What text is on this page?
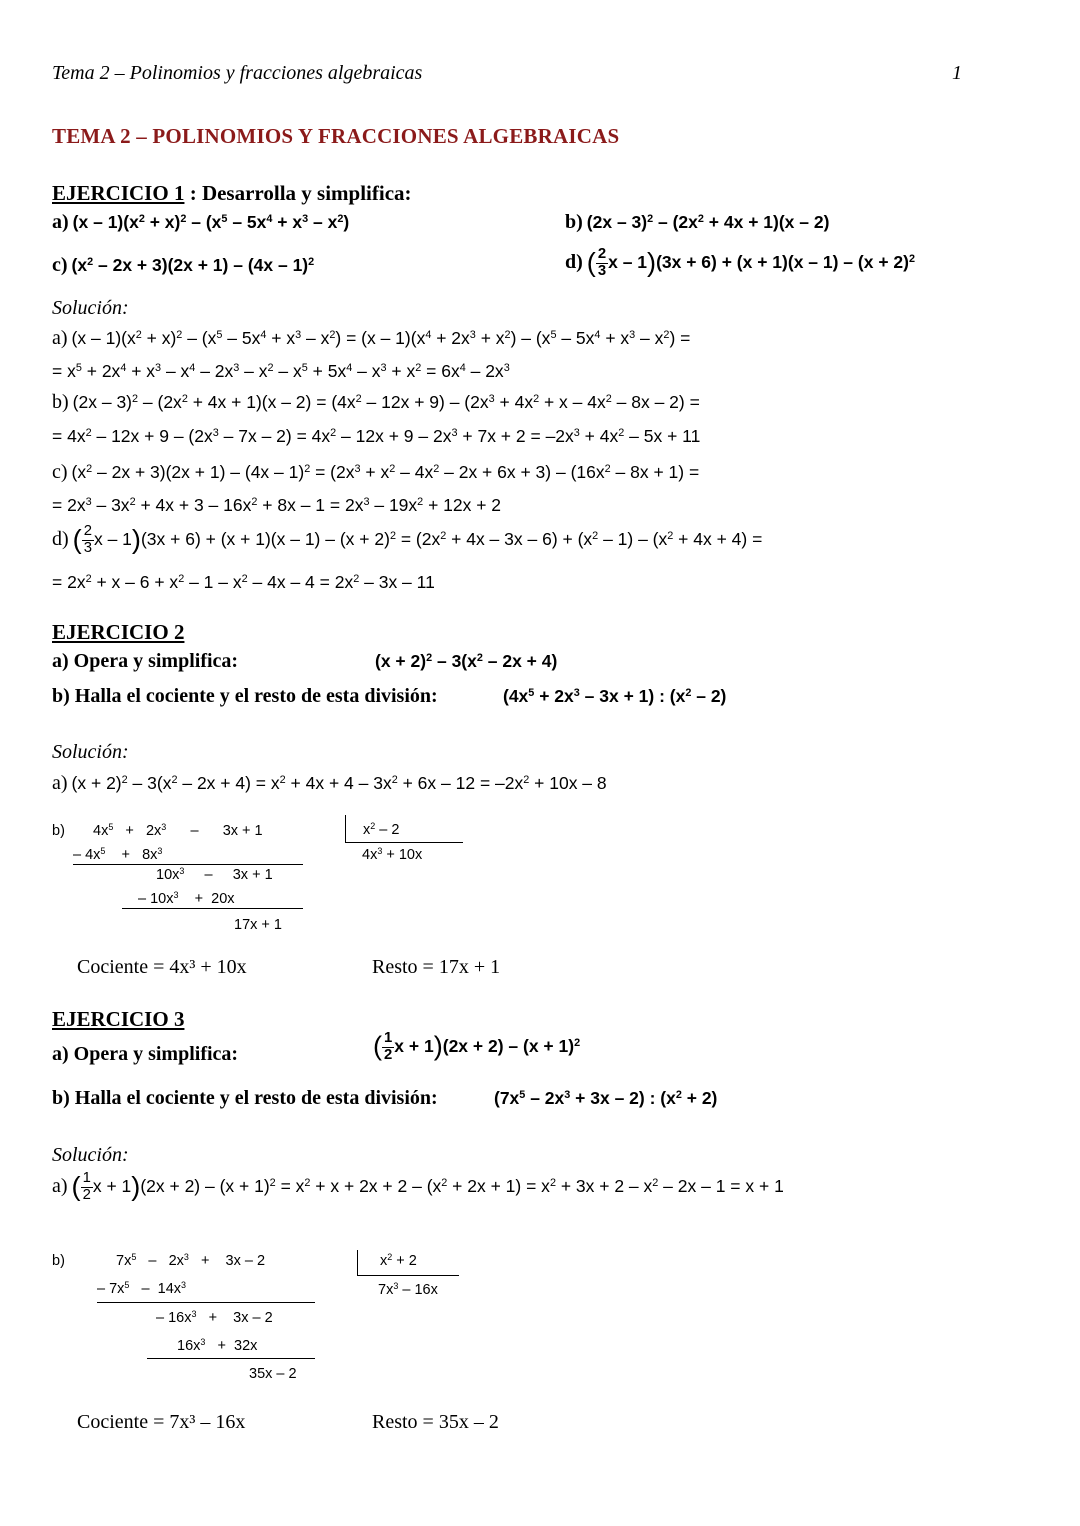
Tema 2 – Polinomios y fracciones algebraicas	1
TEMA 2 – POLINOMIOS Y FRACCIONES ALGEBRAICAS
EJERCICIO 1 : Desarrolla y simplifica:
a) $(x - 1)(x^2 + x)^2 - (x^5 - 5x^4 + x^3 - x^2)$	b) $(2x - 3)^2 - (2x^2 + 4x + 1)(x - 2)$
c) $(x^2 - 2x + 3)(2x + 1) - (4x - 1)^2$	d) ( $\frac{2}{3}$ $x - 1)(3x + 6) + (x + 1)(x - 1) - (x + 2)^2$
Solución:
a) $(x - 1)(x^2 + x)^2 - (x^5 - 5x^4 + x^3 - x^2) = (x - 1)(x^4 + 2x^3 + x^2) - (x^5 - 5x^4 + x^3 - x^2)$ =
= $x^5 + 2x^4 + x^3 - x^4 - 2x^3 - x^2 - x^5 + 5x^4 - x^3 + x^2 = 6x^4 - 2x^3$
b) $(2x - 3)^2 - (2x^2 + 4x + 1)(x - 2) = (4x^2 - 12x + 9) - (2x^3 + 4x^2 + x - 4x^2 - 8x - 2)$ =
= $4x^2 - 12x + 9 - (2x^3 - 7x - 2) = 4x^2 - 12x + 9 - 2x^3 + 7x + 2 = -2x^3 + 4x^2 - 5x + 11$
c) $(x^2 - 2x + 3)(2x + 1) - (4x - 1)^2 = (2x^3 + x^2 - 4x^2 - 2x + 6x + 3) - (16x^2 - 8x + 1)$ =
= $2x^3 - 3x^2 + 4x + 3 - 16x^2 + 8x - 1 = 2x^3 - 19x^2 + 12x + 2$
d) ( $\frac{2}{3}$ $x - 1)(3x + 6) + (x + 1)(x - 1) - (x + 2)^2 = (2x^2 + 4x - 3x - 6) + (x^2 - 1) - (x^2 + 4x + 4)$ =
= $2x^2 + x - 6 + x^2 - 1 - x^2 - 4x - 4 = 2x^2 - 3x - 11$
EJERCICIO 2
a) Opera y simplifica:	$(x + 2)^2 - 3(x^2 - 2x + 4)$
b) Halla el cociente y el resto de esta división:	$(4x^5 + 2x^3 - 3x + 1)$ : $(x^2 - 2)$
Solución:
a) $(x + 2)^2 - 3(x^2 - 2x + 4) = x^2 + 4x + 4 - 3x^2 + 6x - 12 = -2x^2 + 10x - 8$
b) $4x^5 + 2x^3$      –      3x + 1
– $4x^5$    +   $8x^3$
$10x^3$     –     3x + 1
– $10x^3$    +  20x
17x + 1
$x^2 - 2$
$4x^3 + 10x$
Cociente = 4x³ + 10x	Resto = 17x + 1
EJERCICIO 3
a) Opera y simplifica:	( $\frac{1}{2}$ $x + 1)(2x + 2) - (x + 1)^2$
b) Halla el cociente y el resto de esta división:	$(7x^5 - 2x^3 + 3x - 2)$ : $(x^2 + 2)$
Solución:
a) ( $\frac{1}{2}$ $x + 1)(2x + 2) - (x + 1)^2 = x^2 + x + 2x + 2 - (x^2 + 2x + 1) = x^2 + 3x + 2 - x^2 - 2x - 1 = x + 1$
b)	$7x^5 - 2x^3$   +    3x – 2
– $7x^5 - 14x^3$
– $16x^3$   +    3x – 2
$16x^3 + 32x$
35x – 2
$x^2 + 2$
$7x^3 - 16x$
Cociente = 7x³ – 16x	Resto = 35x – 2
